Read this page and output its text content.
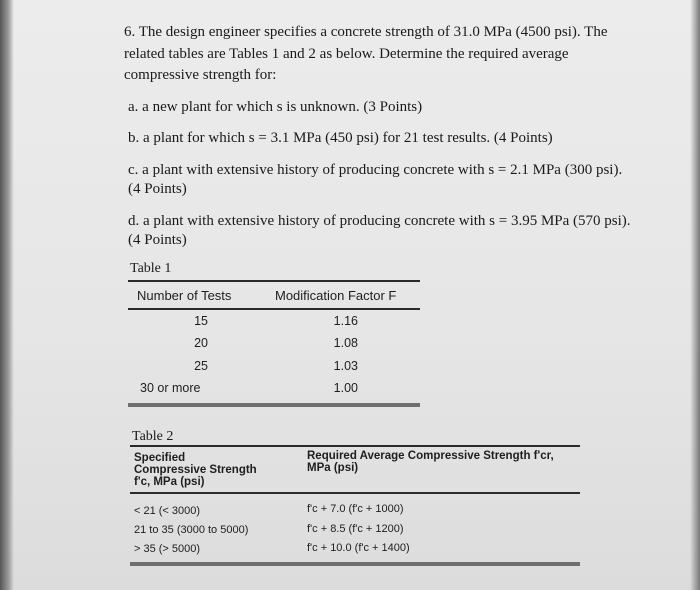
6. The design engineer specifies a concrete strength of 31.0 MPa (4500 psi). The
related tables are Tables 1 and 2 as below. Determine the required average
compressive strength for:
a. a new plant for which s is unknown. (3 Points)
b. a plant for which s = 3.1 MPa (450 psi) for 21 test results. (4 Points)
c. a plant with extensive history of producing concrete with s = 2.1 MPa (300 psi).
(4 Points)
d. a plant with extensive history of producing concrete with s = 3.95 MPa (570 psi).
(4 Points)
Table 1
Number of Tests	Modification Factor F
15	1.16
20	1.08
25	1.03
30 or more	1.00
Table 2
Specified
Compressive Strength
f'c, MPa (psi)
Required Average Compressive Strength f'cr,
MPa (psi)
< 21 (< 3000)	f'c + 7.0 (f'c + 1000)
21 to 35 (3000 to 5000)	f'c + 8.5 (f'c + 1200)
> 35 (> 5000)	f'c + 10.0 (f'c + 1400)
